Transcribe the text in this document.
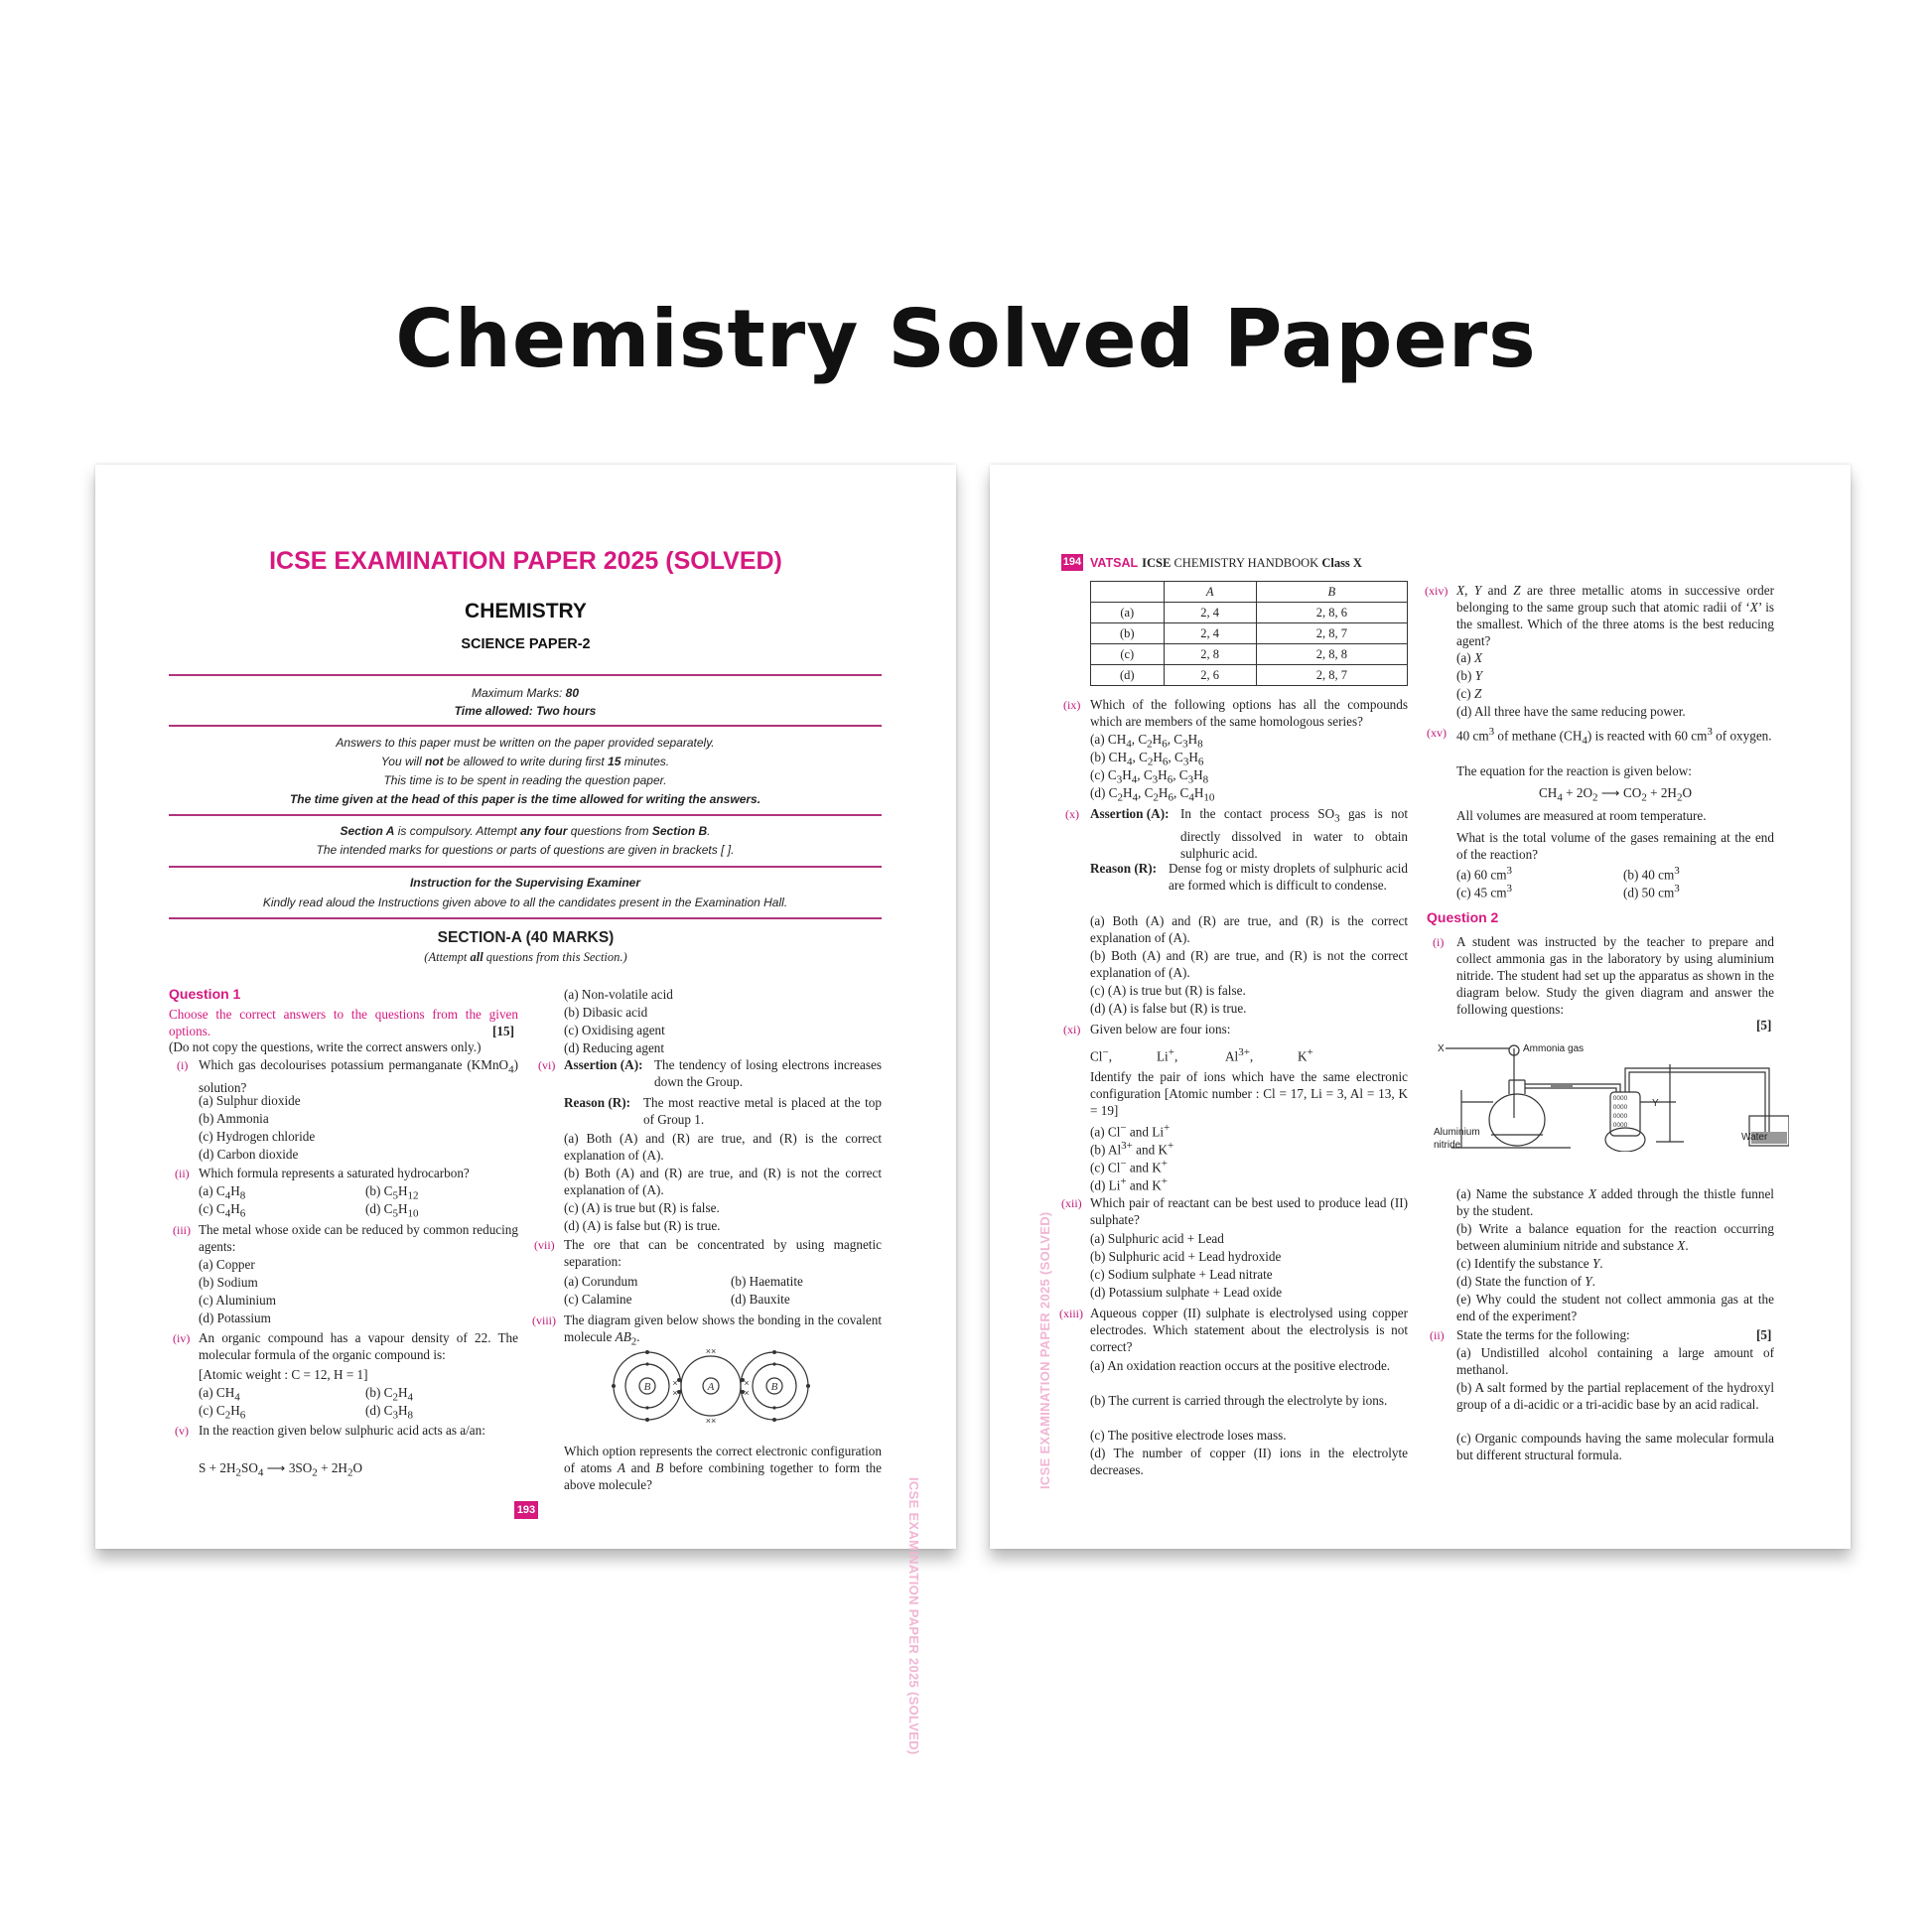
Chemistry Solved Papers
ICSE EXAMINATION PAPER 2025 (SOLVED)
CHEMISTRY
SCIENCE PAPER-2
Maximum Marks: 80
Time allowed: Two hours
Answers to this paper must be written on the paper provided separately.
You will not be allowed to write during first 15 minutes.
This time is to be spent in reading the question paper.
The time given at the head of this paper is the time allowed for writing the answers.
Section A is compulsory. Attempt any four questions from Section B.
The intended marks for questions or parts of questions are given in brackets [ ].
Instruction for the Supervising Examiner
Kindly read aloud the Instructions given above to all the candidates present in the Examination Hall.
SECTION-A (40 MARKS)
(Attempt all questions from this Section.)
Question 1
Choose the correct answers to the questions from the given options.	[15]
(Do not copy the questions, write the correct answers only.)
(i) Which gas decolourises potassium permanganate (KMnO$_4$) solution?
(a) Sulphur dioxide
(b) Ammonia
(c) Hydrogen chloride
(d) Carbon dioxide
(ii) Which formula represents a saturated hydrocarbon?
(a) $C_4H_8$	(b) $C_5H_{12}$
(c) $C_4H_6$	(d) $C_5H_{10}$
(iii) The metal whose oxide can be reduced by common reducing agents:
(a) Copper
(b) Sodium
(c) Aluminium
(d) Potassium
(iv) An organic compound has a vapour density of 22. The molecular formula of the organic compound is:
[Atomic weight : C = 12, H = 1]
(a) $CH_4$	(b) $C_2H_4$
(c) $C_2H_6$	(d) $C_3H_8$
(v) In the reaction given below sulphuric acid acts as a/an:
$S + 2H_2SO_4$ ⟶ $3SO_2 + 2H_2O$
(a) Non-volatile acid
(b) Dibasic acid
(c) Oxidising agent
(d) Reducing agent
(vi) Assertion (A): The tendency of losing electrons increases down the Group.
Reason (R): The most reactive metal is placed at the top of Group 1.
(a) Both (A) and (R) are true, and (R) is the correct explanation of (A).
(b) Both (A) and (R) are true, and (R) is not the correct explanation of (A).
(c) (A) is true but (R) is false.
(d) (A) is false but (R) is true.
(vii) The ore that can be concentrated by using magnetic separation:
(a) Corundum	(b) Haematite
(c) Calamine	(d) Bauxite
(viii) The diagram given below shows the bonding in the covalent molecule $AB_2$.
B	A	B
×
×
×
×
××
××
Which option represents the correct electronic configuration of atoms A and B before combining together to form the above molecule?	ICSE EXAMINATION PAPER 2025 (SOLVED)
193
194 VATSAL ICSE CHEMISTRY HANDBOOK Class X
	A	B
(a)	2, 4	2, 8, 6
(b)	2, 4	2, 8, 7
(c)	2, 8	2, 8, 8
(d)	2, 6	2, 8, 7
(ix) Which of the following options has all the compounds which are members of the same homologous series?
(a) $CH_4$, $C_2H_6$, $C_3H_8$
(b) $CH_4$, $C_2H_6$, $C_3H_6$
(c) $C_3H_4$, $C_3H_6$, $C_3H_8$
(d) $C_2H_4$, $C_2H_6$, $C_4H_{10}$
(x) Assertion (A): In the contact process $SO_3$ gas is not directly dissolved in water to obtain sulphuric acid.
Reason (R): Dense fog or misty droplets of sulphuric acid are formed which is difficult to condense.
(a) Both (A) and (R) are true, and (R) is the correct explanation of (A).
(b) Both (A) and (R) are true, and (R) is not the correct explanation of (A).
(c) (A) is true but (R) is false.
(d) (A) is false but (R) is true.
(xi) Given below are four ions:
Cl−,	Li+,	$Al^{3+}$,	K+
Identify the pair of ions which have the same electronic configuration [Atomic number : Cl = 17, Li = 3, Al = 13, K = 19]
(a) Cl− and Li+
(b) $Al^{3+}$ and K+
(c) Cl− and K+
(d) Li+ and K+
(xii) Which pair of reactant can be best used to produce lead (II) sulphate?
(a) Sulphuric acid + Lead
(b) Sulphuric acid + Lead hydroxide
(c) Sodium sulphate + Lead nitrate
(d) Potassium sulphate + Lead oxide
(xiii) Aqueous copper (II) sulphate is electrolysed using copper electrodes. Which statement about the electrolysis is not correct?
(a) An oxidation reaction occurs at the positive electrode.
(b) The current is carried through the electrolyte by ions.
(c) The positive electrode loses mass.
(d) The number of copper (II) ions in the electrolyte decreases.
ICSE EXAMINATION PAPER 2025 (SOLVED)
(xiv) X, Y and Z are three metallic atoms in successive order belonging to the same group such that atomic radii of ‘X’ is the smallest. Which of the three atoms is the best reducing agent?
(a) X
(b) Y
(c) Z
(d) All three have the same reducing power.
(xv) 40 $cm^3$ of methane $(CH_4)$ is reacted with 60 $cm^3$ of oxygen.
The equation for the reaction is given below:
$CH_4 + 2O_2$ ⟶ $CO_2 + 2H_2O$
All volumes are measured at room temperature.
What is the total volume of the gases remaining at the end of the reaction?
(a) 60 $cm^3$	(b) 40 $cm^3$
(c) 45 $cm^3$	(d) 50 $cm^3$
Question 2
(i) A student was instructed by the teacher to prepare and collect ammonia gas in the laboratory by using aluminium nitride. The student had set up the apparatus as shown in the diagram below. Study the given diagram and answer the following questions:
[5]
0000
0000
0000
0000
X	Ammonia gas
Y
Water
Aluminium
nitride
(a) Name the substance X added through the thistle funnel by the student.
(b) Write a balance equation for the reaction occurring between aluminium nitride and substance X.
(c) Identify the substance Y.
(d) State the function of Y.
(e) Why could the student not collect ammonia gas at the end of the experiment?
(ii) State the terms for the following:	[5]
(a) Undistilled alcohol containing a large amount of methanol.
(b) A salt formed by the partial replacement of the hydroxyl group of a di-acidic or a tri-acidic base by an acid radical.
(c) Organic compounds having the same molecular formula but different structural formula.
